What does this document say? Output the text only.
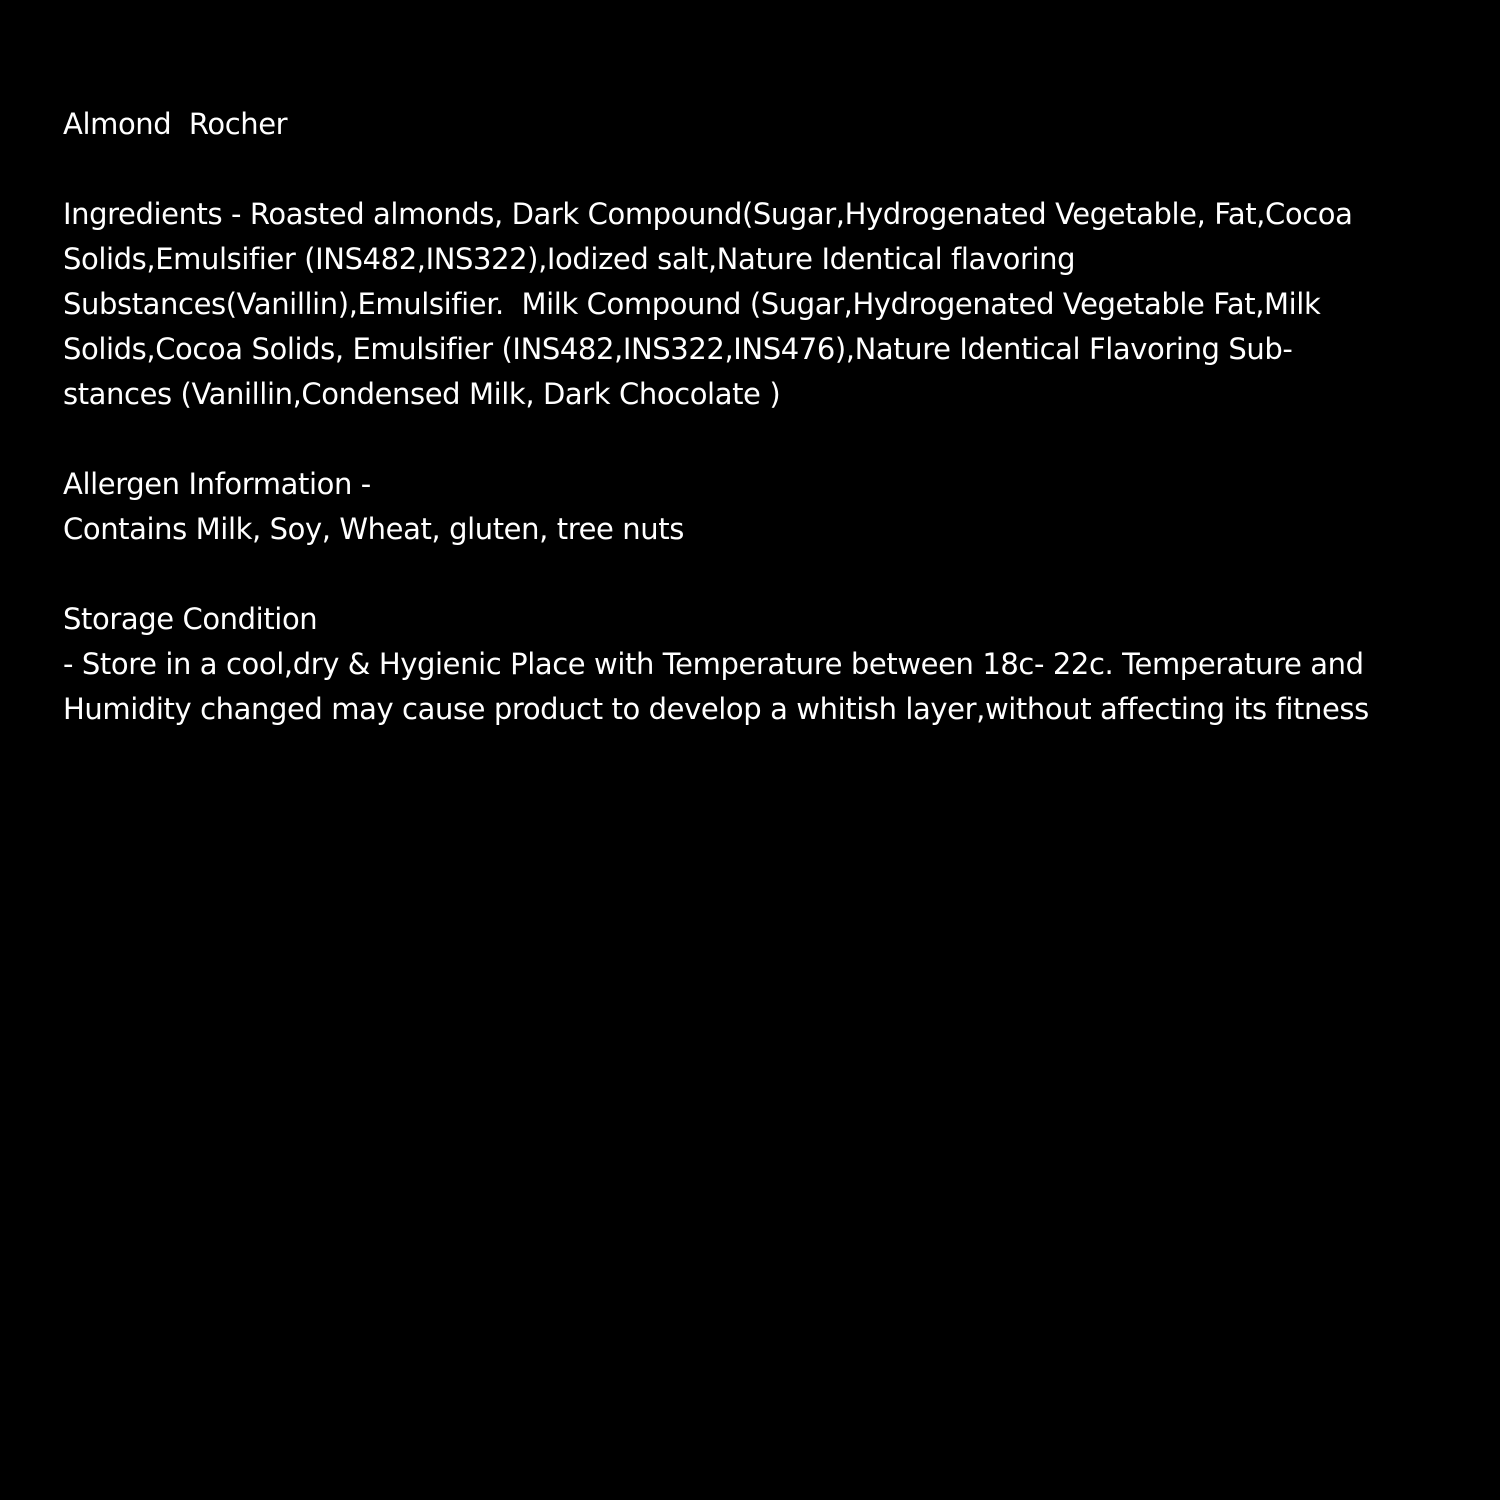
Almond  Rocher
Ingredients - Roasted almonds, Dark Compound(Sugar,Hydrogenated Vegetable, Fat,Cocoa
Solids,Emulsifier (INS482,INS322),Iodized salt,Nature Identical flavoring
Substances(Vanillin),Emulsifier.  Milk Compound (Sugar,Hydrogenated Vegetable Fat,Milk
Solids,Cocoa Solids, Emulsifier (INS482,INS322,INS476),Nature Identical Flavoring Sub-
stances (Vanillin,Condensed Milk, Dark Chocolate )
Allergen Information -
Contains Milk, Soy, Wheat, gluten, tree nuts
Storage Condition
- Store in a cool,dry & Hygienic Place with Temperature between 18c- 22c. Temperature and
Humidity changed may cause product to develop a whitish layer,without affecting its fitness
